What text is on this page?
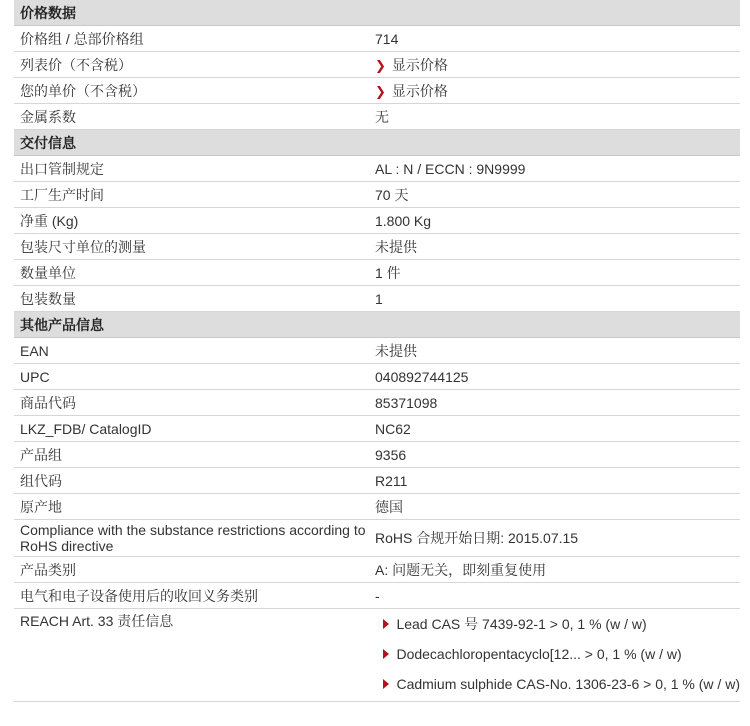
价格数据
价格组 / 总部价格组	714
列表价（不含税）	❯ 显示价格
您的单价（不含税）	❯ 显示价格
金属系数	无
交付信息
出口管制规定	AL : N / ECCN : 9N9999
工厂生产时间	70 天
净重 (Kg)	1.800 Kg
包装尺寸单位的测量	未提供
数量单位	1 件
包装数量	1
其他产品信息
EAN	未提供
UPC	040892744125
商品代码	85371098
LKZ_FDB/ CatalogID	NC62
产品组	9356
组代码	R211
原产地	德国
Compliance with the substance restrictions according to RoHS directive	RoHS 合规开始日期: 2015.07.15
产品类别	A: 问题无关，即刻重复使用
电气和电子设备使用后的收回义务类别	-
REACH Art. 33 责任信息	Lead CAS 号 7439-92-1 > 0, 1 % (w / w)
Dodecachloropentacyclo[12... > 0, 1 % (w / w)
Cadmium sulphide CAS-No. 1306-23-6 > 0, 1 % (w / w)
